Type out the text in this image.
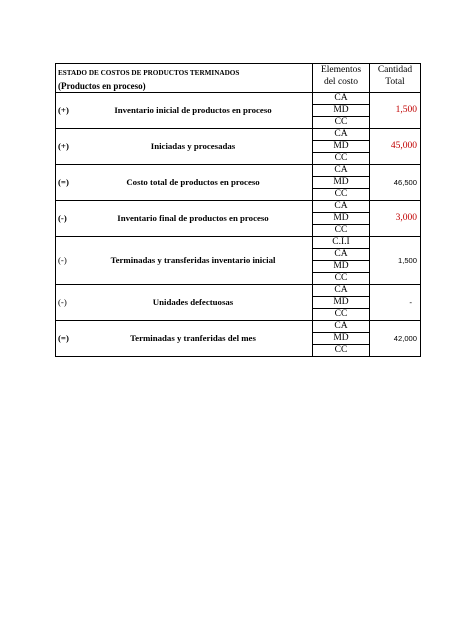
ESTADO DE COSTOS DE PRODUCTOS TERMINADOS
(Productos en proceso)	Elementos del costo	Cantidad Total
(+) Inventario inicial de productos en proceso	CA	1,500
	MD	
	CC	
(+) Iniciadas y procesadas	CA	45,000
	MD	
	CC	
(=) Costo total de productos en proceso	CA	46,500
	MD	
	CC	
(-) Inventario final de productos en proceso	CA	3,000
	MD	
	CC	
(-) Terminadas y transferidas inventario inicial	C.I.I	1,500
	CA	
	MD	
	CC	
(-) Unidades defectuosas	CA	-
	MD	
	CC	
(=) Terminadas y tranferidas del mes	CA	42,000
	MD	
	CC	
